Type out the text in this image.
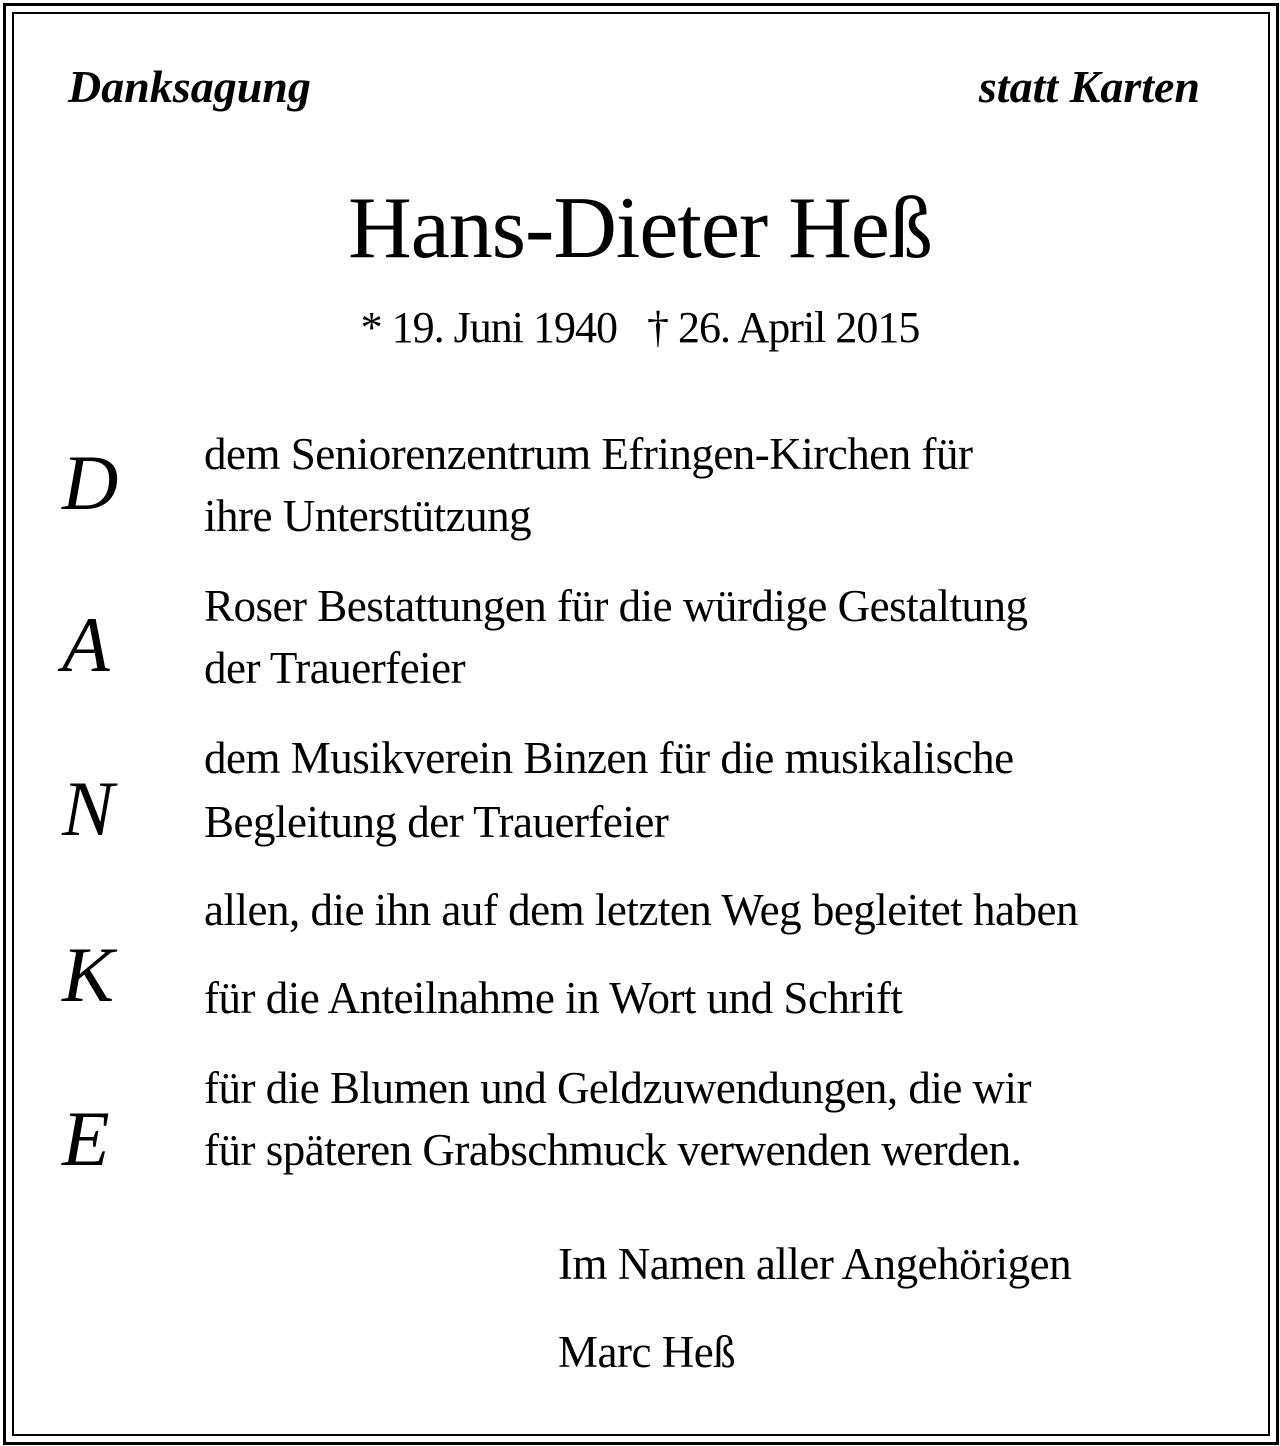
Danksagung	statt Karten
Hans-Dieter Heß
* 19. Juni 1940 † 26. April 2015
D
A
N
K
E
dem Seniorenzentrum Efringen-Kirchen für
ihre Unterstützung
Roser Bestattungen für die würdige Gestaltung
der Trauerfeier
dem Musikverein Binzen für die musikalische
Begleitung der Trauerfeier
allen, die ihn auf dem letzten Weg begleitet haben
für die Anteilnahme in Wort und Schrift
für die Blumen und Geldzuwendungen, die wir
für späteren Grabschmuck verwenden werden.
Im Namen aller Angehörigen
Marc Heß
